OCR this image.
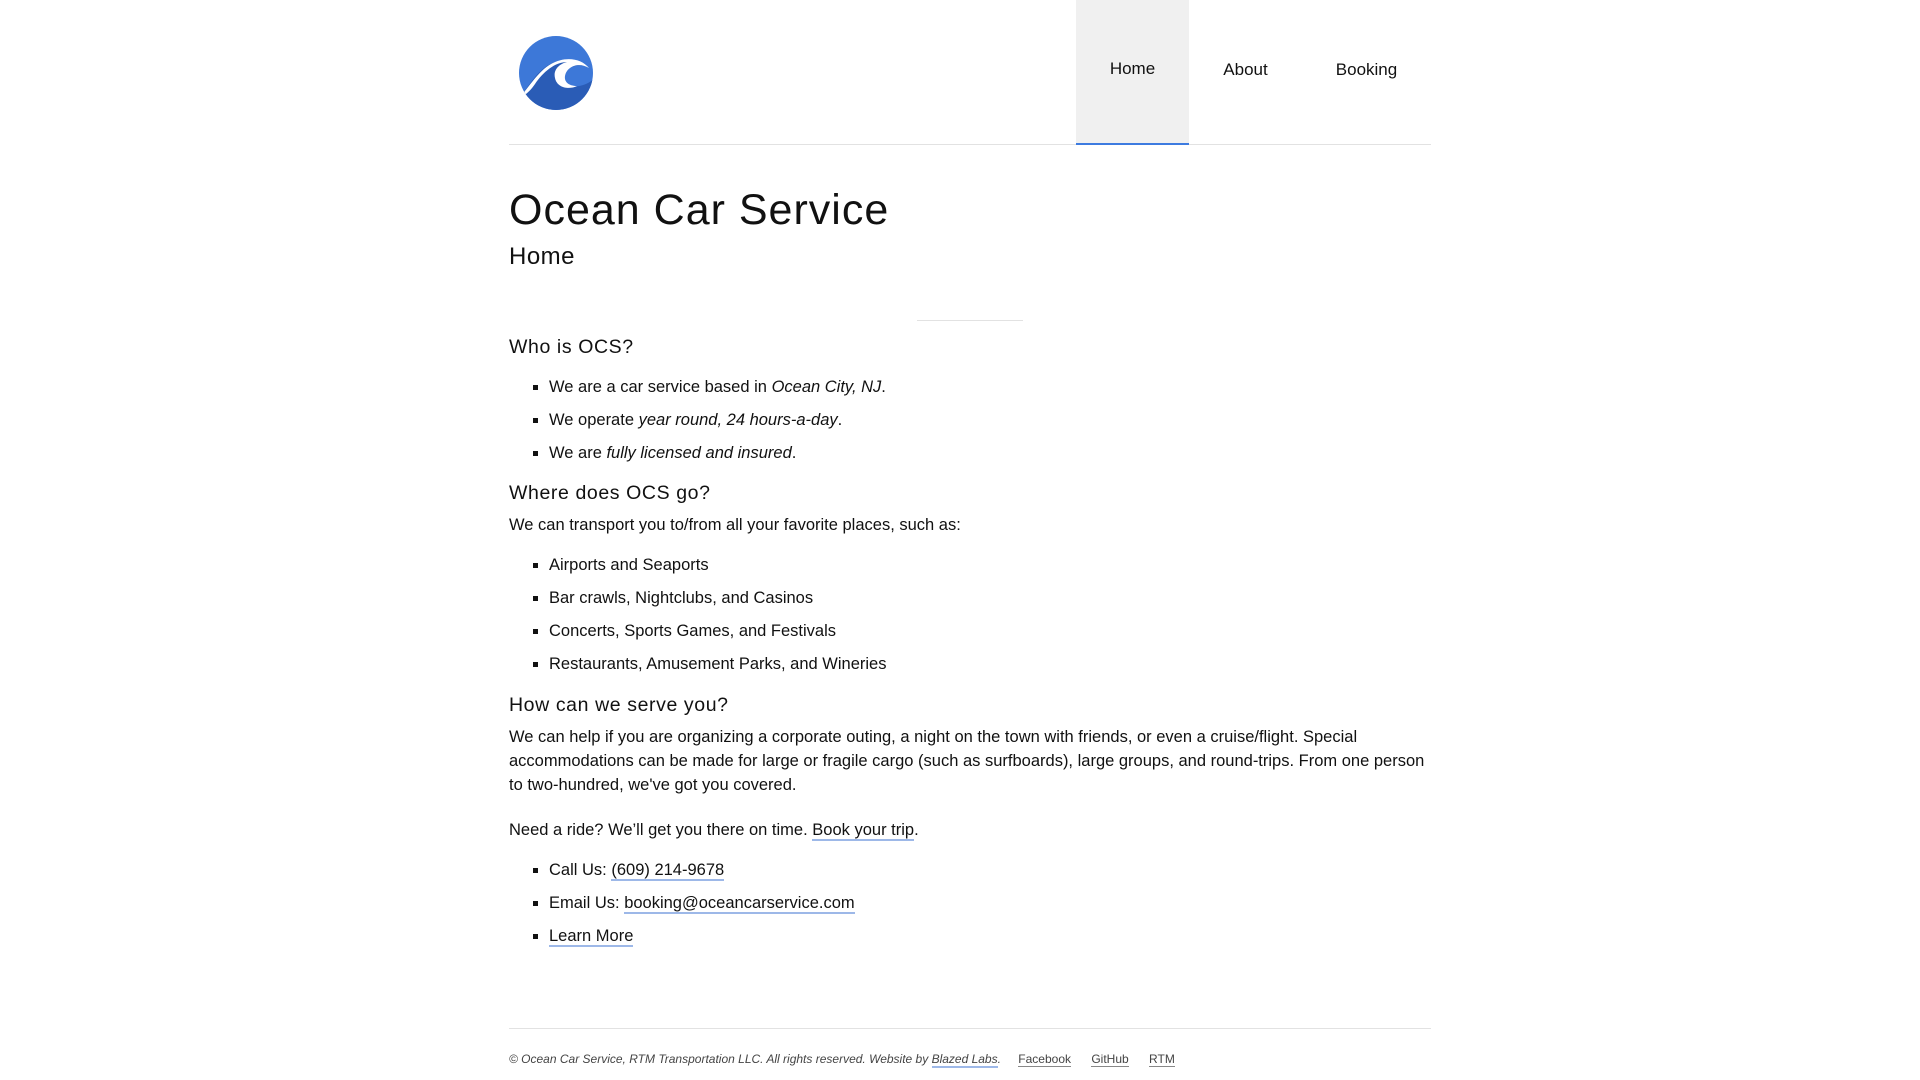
Home	About	Booking
Ocean Car Service
Home
Who is OCS?
▪ We are a car service based in Ocean City, NJ.
▪ We operate year round, 24 hours-a-day.
▪ We are fully licensed and insured.
Where does OCS go?

We can transport you to/from all your favorite places, such as:

▪ Airports and Seaports
▪ Bar crawls, Nightclubs, and Casinos
▪ Concerts, Sports Games, and Festivals
▪ Restaurants, Amusement Parks, and Wineries
How can we serve you?

We can help if you are organizing a corporate outing, a night on the town with friends, or even a cruise/flight. Special accommodations can be made for large or fragile cargo (such as surfboards), large groups, and round-trips. From one person to two-hundred, we've got you covered.

Need a ride? We’ll get you there on time. Book your trip.

▪ Call Us: (609) 214-9678
▪ Email Us: booking@oceancarservice.com
▪ Learn More
© Ocean Car Service, RTM Transportation LLC. All rights reserved. Website by Blazed Labs. Facebook GitHub RTM
